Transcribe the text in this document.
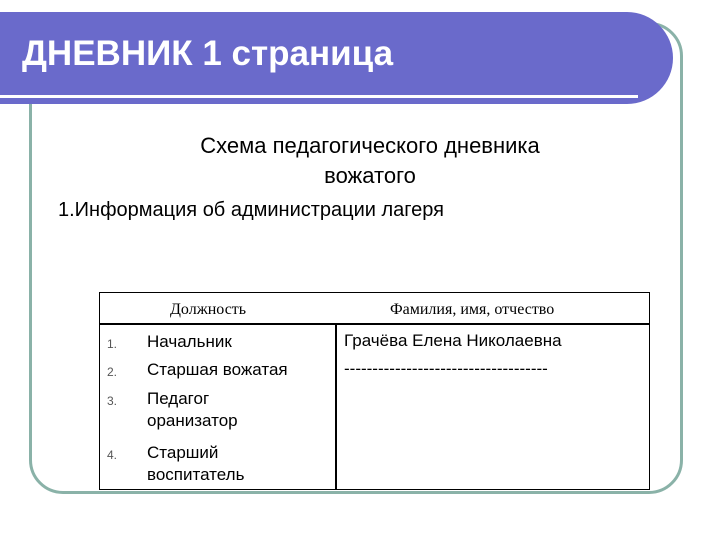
ДНЕВНИК 1 страница
Схема педагогического дневника
вожатого
1.Информация об администрации лагеря
Должность	Фамилия, имя, отчество
1. Начальник	Грачёва Елена Николаевна
2. Старшая вожатая	------------------------------------
3. Педагог
оранизатор
4. Старший
воспитатель
